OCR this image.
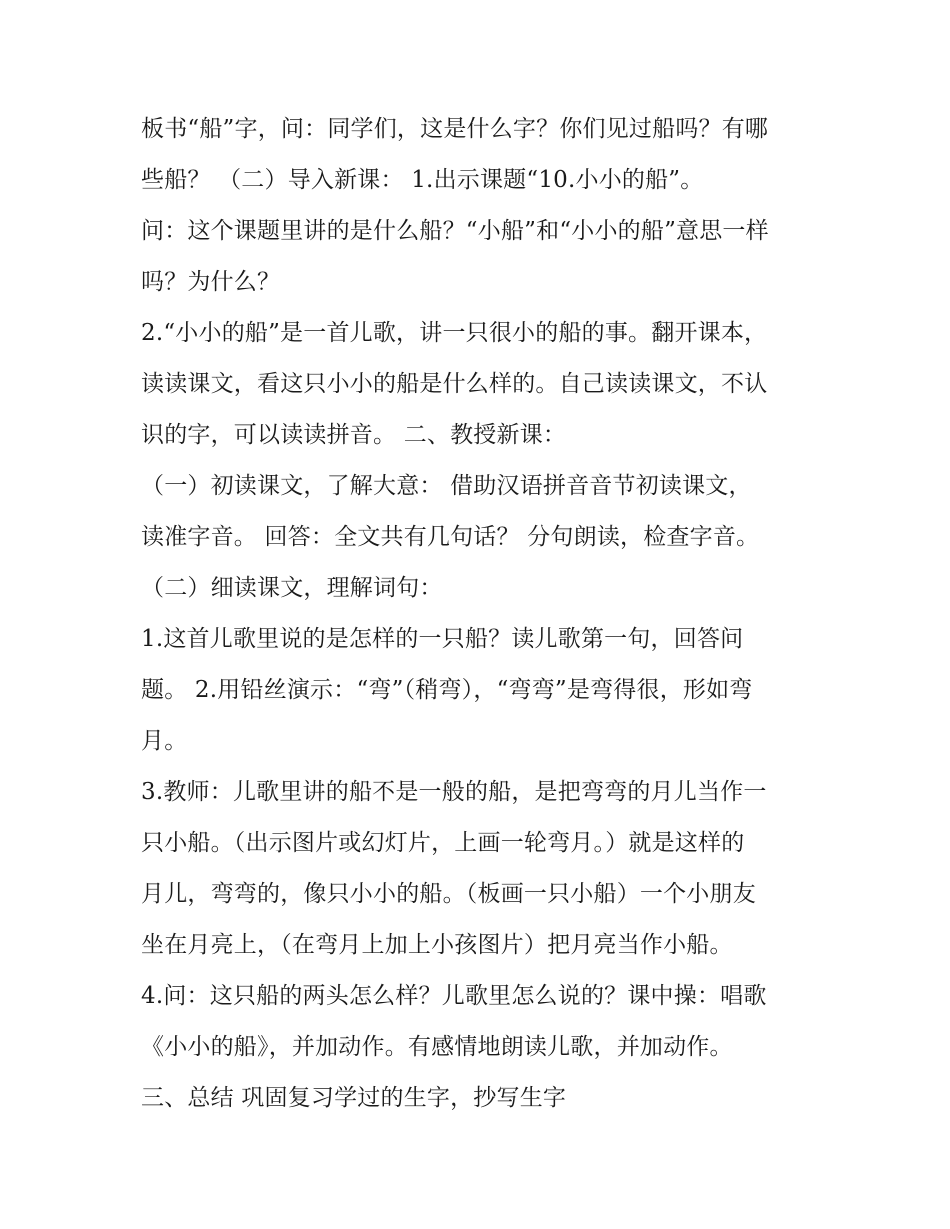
板书“船”字，问：同学们，这是什么字？你们见过船吗？有哪
些船？ （二）导入新课： 1.出示课题“10.小小的船”。
问：这个课题里讲的是什么船？“小船”和“小小的船”意思一样
吗？为什么？
2.“小小的船”是一首儿歌，讲一只很小的船的事。翻开课本，
读读课文，看这只小小的船是什么样的。自己读读课文，不认
识的字，可以读读拼音。 二、教授新课：
（一）初读课文，了解大意： 借助汉语拼音音节初读课文，
读准字音。 回答：全文共有几句话？ 分句朗读，检查字音。
（二）细读课文，理解词句：
1.这首儿歌里说的是怎样的一只船？读儿歌第一句，回答问
题。 2.用铅丝演示：“弯”（稍弯），“弯弯”是弯得很，形如弯
月。
3.教师：儿歌里讲的船不是一般的船，是把弯弯的月儿当作一
只小船。（出示图片或幻灯片，上画一轮弯月。）就是这样的
月儿，弯弯的，像只小小的船。（板画一只小船）一个小朋友
坐在月亮上，（在弯月上加上小孩图片）把月亮当作小船。
4.问：这只船的两头怎么样？儿歌里怎么说的？课中操：唱歌
《小小的船》，并加动作。有感情地朗读儿歌，并加动作。
三、总结 巩固复习学过的生字，抄写生字
